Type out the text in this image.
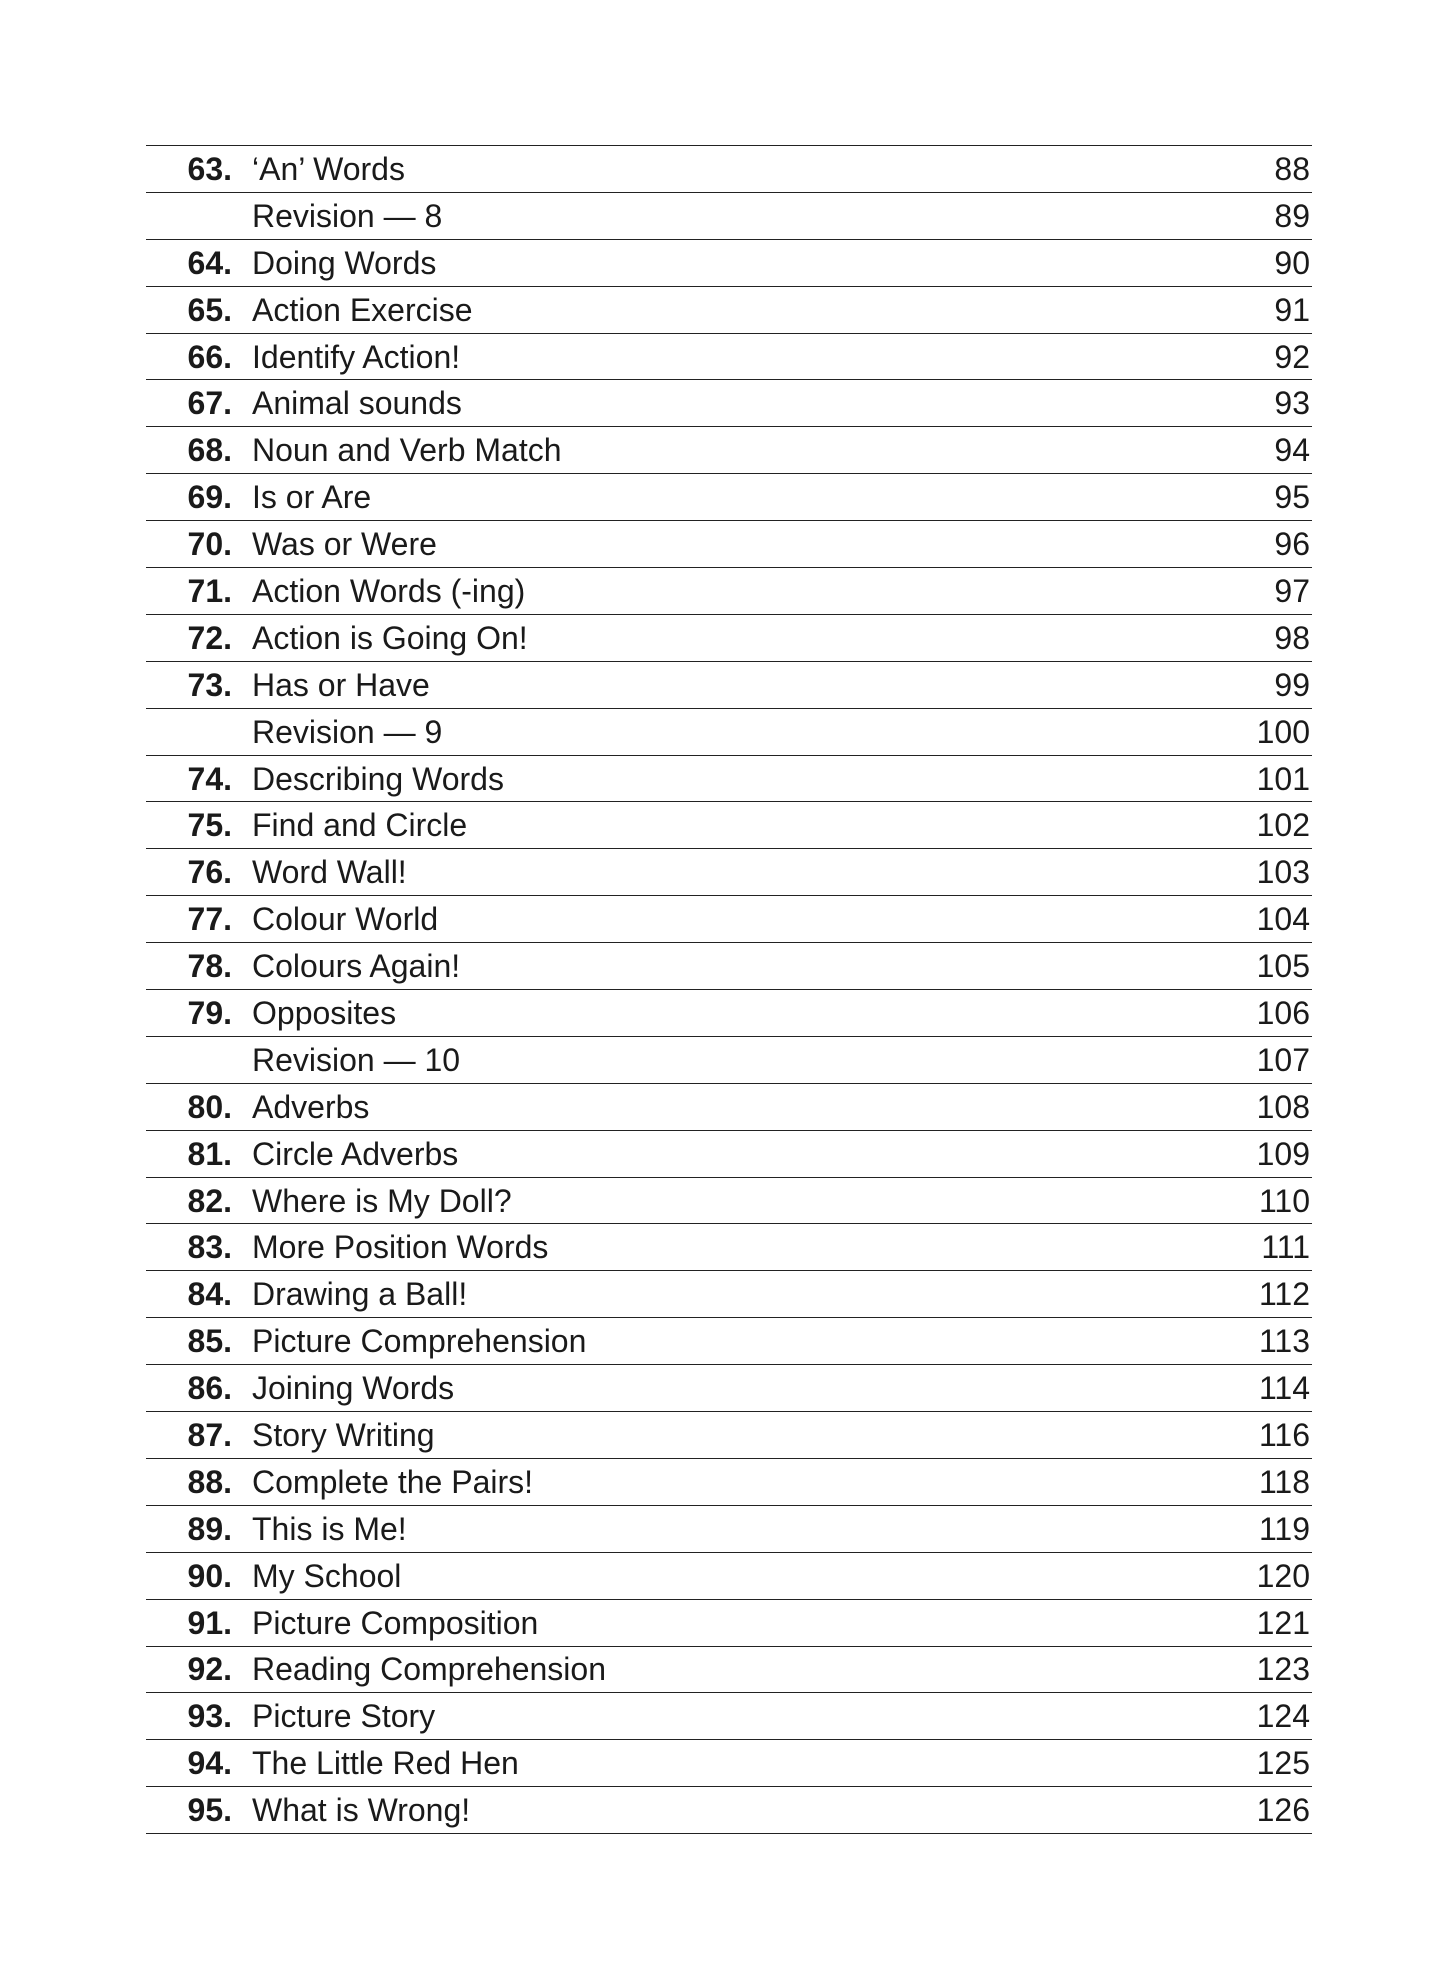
63. ‘An’ Words	88
Revision — 8	89
64. Doing Words	90
65. Action Exercise	91
66. Identify Action!	92
67. Animal sounds	93
68. Noun and Verb Match	94
69. Is or Are	95
70. Was or Were	96
71. Action Words (-ing)	97
72. Action is Going On!	98
73. Has or Have	99
Revision — 9	100
74. Describing Words	101
75. Find and Circle	102
76. Word Wall!	103
77. Colour World	104
78. Colours Again!	105
79. Opposites	106
Revision — 10	107
80. Adverbs	108
81. Circle Adverbs	109
82. Where is My Doll?	110
83. More Position Words	111
84. Drawing a Ball!	112
85. Picture Comprehension	113
86. Joining Words	114
87. Story Writing	116
88. Complete the Pairs!	118
89. This is Me!	119
90. My School	120
91. Picture Composition	121
92. Reading Comprehension	123
93. Picture Story	124
94. The Little Red Hen	125
95. What is Wrong!	126
